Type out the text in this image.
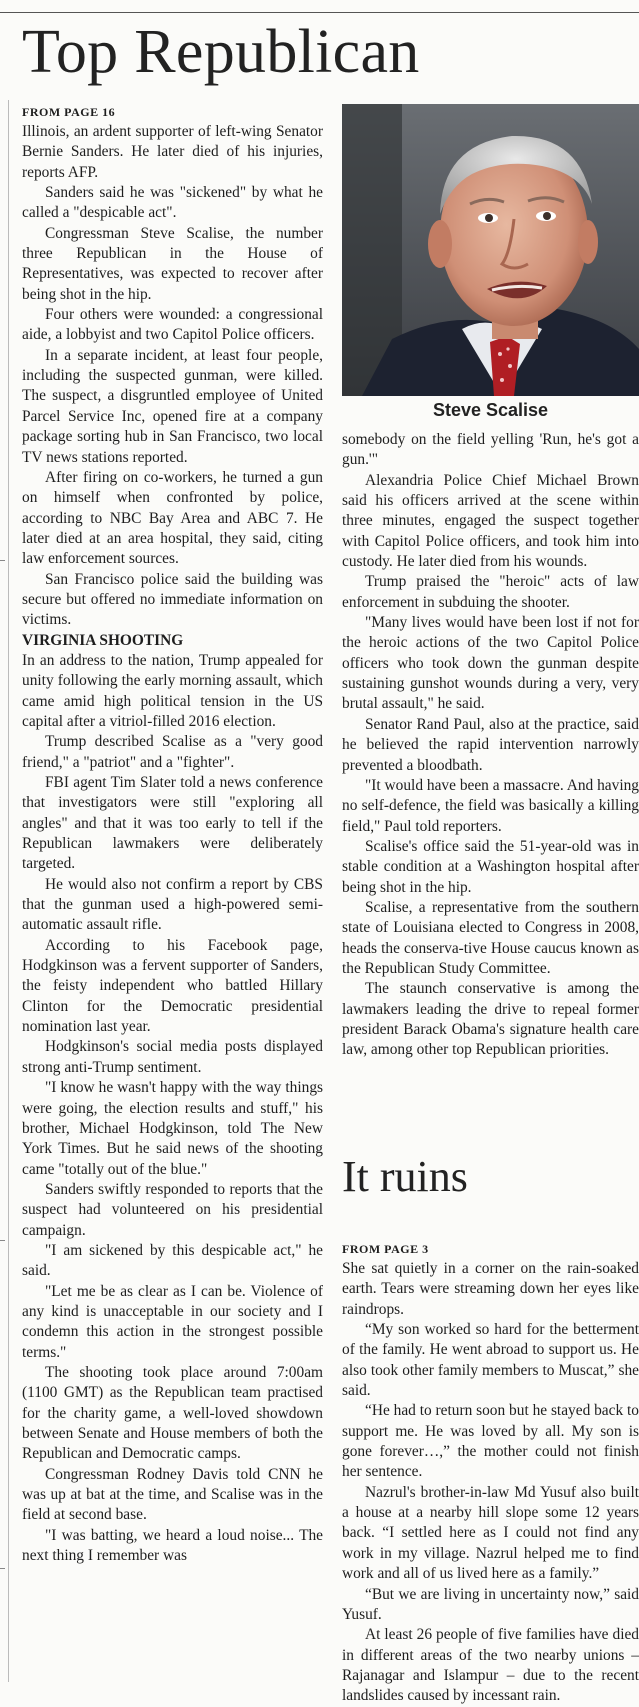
Top Republican
FROM PAGE 16

Illinois, an ardent supporter of left-wing Senator Bernie Sanders. He later died of his injuries, reports AFP.

Sanders said he was "sickened" by what he called a "despicable act".

Congressman Steve Scalise, the number three Republican in the House of Representatives, was expected to recover after being shot in the hip.

Four others were wounded: a congressional aide, a lobbyist and two Capitol Police officers.

In a separate incident, at least four people, including the suspected gunman, were killed. The suspect, a disgruntled employee of United Parcel Service Inc, opened fire at a company package sorting hub in San Francisco, two local TV news stations reported.

After firing on co-workers, he turned a gun on himself when confronted by police, according to NBC Bay Area and ABC 7. He later died at an area hospital, they said, citing law enforcement sources.

San Francisco police said the building was secure but offered no immediate information on victims.

VIRGINIA SHOOTING

In an address to the nation, Trump appealed for unity following the early morning assault, which came amid high political tension in the US capital after a vitriol-filled 2016 election.

Trump described Scalise as a "very good friend," a "patriot" and a "fighter".

FBI agent Tim Slater told a news conference that investigators were still "exploring all angles" and that it was too early to tell if the Republican lawmakers were deliberately targeted.

He would also not confirm a report by CBS that the gunman used a high-powered semi-automatic assault rifle.

According to his Facebook page, Hodgkinson was a fervent supporter of Sanders, the feisty independent who battled Hillary Clinton for the Democratic presidential nomination last year.

Hodgkinson's social media posts displayed strong anti-Trump sentiment.

"I know he wasn't happy with the way things were going, the election results and stuff," his brother, Michael Hodgkinson, told The New York Times. But he said news of the shooting came "totally out of the blue."

Sanders swiftly responded to reports that the suspect had volunteered on his presidential campaign.

"I am sickened by this despicable act," he said.

"Let me be as clear as I can be. Violence of any kind is unacceptable in our society and I condemn this action in the strongest possible terms."

The shooting took place around 7:00am (1100 GMT) as the Republican team practised for the charity game, a well-loved showdown between Senate and House members of both the Republican and Democratic camps.

Congressman Rodney Davis told CNN he was up at bat at the time, and Scalise was in the field at second base.

"I was batting, we heard a loud noise... The next thing I remember was

Steve Scalise

somebody on the field yelling 'Run, he's got a gun.'"

Alexandria Police Chief Michael Brown said his officers arrived at the scene within three minutes, engaged the suspect together with Capitol Police officers, and took him into custody. He later died from his wounds.

Trump praised the "heroic" acts of law enforcement in subduing the shooter.

"Many lives would have been lost if not for the heroic actions of the two Capitol Police officers who took down the gunman despite sustaining gunshot wounds during a very, very brutal assault," he said.

Senator Rand Paul, also at the practice, said he believed the rapid intervention narrowly prevented a bloodbath.

"It would have been a massacre. And having no self-defence, the field was basically a killing field," Paul told reporters.

Scalise's office said the 51-year-old was in stable condition at a Washington hospital after being shot in the hip.

Scalise, a representative from the southern state of Louisiana elected to Congress in 2008, heads the conserva-tive House caucus known as the Republican Study Committee.

The staunch conservative is among the lawmakers leading the drive to repeal former president Barack Obama's signature health care law, among other top Republican priorities.

It ruins
FROM PAGE 3

She sat quietly in a corner on the rain-soaked earth. Tears were streaming down her eyes like raindrops.

“My son worked so hard for the betterment of the family. He went abroad to support us. He also took other family members to Muscat,” she said.

“He had to return soon but he stayed back to support me. He was loved by all. My son is gone forever…,” the mother could not finish her sentence.

Nazrul's brother-in-law Md Yusuf also built a house at a nearby hill slope some 12 years back. “I settled here as I could not find any work in my village. Nazrul helped me to find work and all of us lived here as a family.”

“But we are living in uncertainty now,” said Yusuf.

At least 26 people of five families have died in different areas of the two nearby unions – Rajanagar and Islampur – due to the recent landslides caused by incessant rain.
